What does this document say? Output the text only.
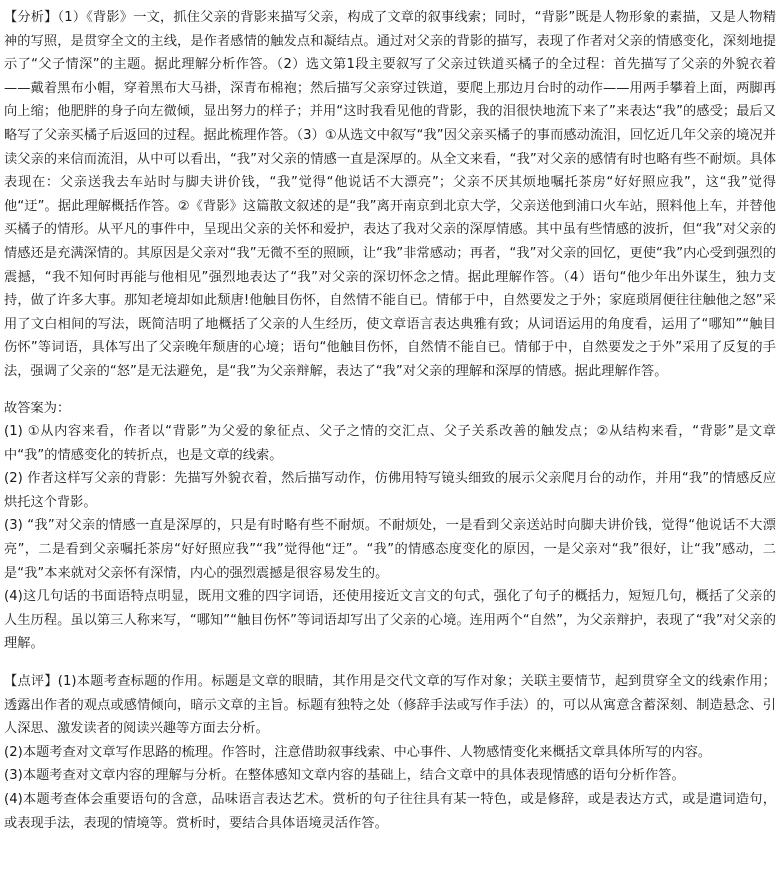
【分析】（1）《背影》一文，抓住父亲的背影来描写父亲，构成了文章的叙事线索；同时，“背影”既是人物形象的素描，又是人物精神的写照，是贯穿全文的主线，是作者感情的触发点和凝结点。通过对父亲的背影的描写，表现了作者对父亲的情感变化，深刻地提示了“父子情深”的主题。据此理解分析作答。（2）选文第1段主要叙写了父亲过铁道买橘子的全过程：首先描写了父亲的外貌衣着——戴着黑布小帽，穿着黑布大马褂，深青布棉袍；然后描写父亲穿过铁道，要爬上那边月台时的动作——用两手攀着上面，两脚再向上缩；他肥胖的身子向左微倾，显出努力的样子；并用“这时我看见他的背影，我的泪很快地流下来了”来表达“我”的感受；最后又略写了父亲买橘子后返回的过程。据此梳理作答。（3）①从选文中叙写“我”因父亲买橘子的事而感动流泪，回忆近几年父亲的境况并读父亲的来信而流泪，从中可以看出，“我”对父亲的情感一直是深厚的。从全文来看，“我”对父亲的感情有时也略有些不耐烦。具体表现在：父亲送我去车站时与脚夫讲价钱，“我”觉得“他说话不大漂亮”；父亲不厌其烦地嘱托茶房“好好照应我”，这“我”觉得他“迂”。据此理解概括作答。②《背影》这篇散文叙述的是“我”离开南京到北京大学，父亲送他到浦口火车站，照料他上车，并替他买橘子的情形。从平凡的事件中，呈现出父亲的关怀和爱护，表达了我对父亲的深厚情感。其中虽有些情感的波折，但“我”对父亲的情感还是充满深情的。其原因是父亲对“我”无微不至的照顾，让“我”非常感动；再者，“我”对父亲的回忆，更使“我”内心受到强烈的震撼，“我不知何时再能与他相见”强烈地表达了“我”对父亲的深切怀念之情。据此理解作答。（4）语句“他少年出外谋生，独力支持，做了许多大事。那知老境却如此颓唐!他触目伤怀，自然情不能自已。情郁于中，自然要发之于外；家庭琐屑便往往触他之怒”采用了文白相间的写法，既简洁明了地概括了父亲的人生经历，使文章语言表达典雅有致；从词语运用的角度看，运用了“哪知”“触目伤怀”等词语，具体写出了父亲晚年颓唐的心境；语句“他触目伤怀，自然情不能自已。情郁于中，自然要发之于外”采用了反复的手法，强调了父亲的“怒”是无法避免，是“我”为父亲辩解，表达了“我”对父亲的理解和深厚的情感。据此理解作答。

故答案为：

(1) ①从内容来看，作者以“背影”为父爱的象征点、父子之情的交汇点、父子关系改善的触发点；②从结构来看，“背影”是文章中“我”的情感变化的转折点，也是文章的线索。

(2) 作者这样写父亲的背影：先描写外貌衣着，然后描写动作，仿佛用特写镜头细致的展示父亲爬月台的动作，并用“我”的情感反应烘托这个背影。

(3) “我”对父亲的情感一直是深厚的，只是有时略有些不耐烦。不耐烦处，一是看到父亲送站时向脚夫讲价钱，觉得“他说话不大漂亮”，二是看到父亲嘱托茶房“好好照应我”“我”觉得他“迂”。“我”的情感态度变化的原因，一是父亲对“我”很好，让“我”感动，二是“我”本来就对父亲怀有深情，内心的强烈震撼是很容易发生的。

(4)这几句话的书面语特点明显，既用文雅的四字词语，还使用接近文言文的句式，强化了句子的概括力，短短几句，概括了父亲的人生历程。虽以第三人称来写，“哪知”“触目伤怀”等词语却写出了父亲的心境。连用两个“自然”，为父亲辩护，表现了“我”对父亲的理解。

【点评】(1)本题考查标题的作用。标题是文章的眼睛，其作用是交代文章的写作对象；关联主要情节，起到贯穿全文的线索作用；透露出作者的观点或感情倾向，暗示文章的主旨。标题有独特之处（修辞手法或写作手法）的，可以从寓意含蓄深刻、制造悬念、引人深思、激发读者的阅读兴趣等方面去分析。

(2)本题考查对文章写作思路的梳理。作答时，注意借助叙事线索、中心事件、人物感情变化来概括文章具体所写的内容。

(3)本题考查对文章内容的理解与分析。在整体感知文章内容的基础上，结合文章中的具体表现情感的语句分析作答。

(4)本题考查体会重要语句的含意，品味语言表达艺术。赏析的句子往往具有某一特色，或是修辞，或是表达方式，或是遣词造句，或表现手法，表现的情境等。赏析时，要结合具体语境灵活作答。
